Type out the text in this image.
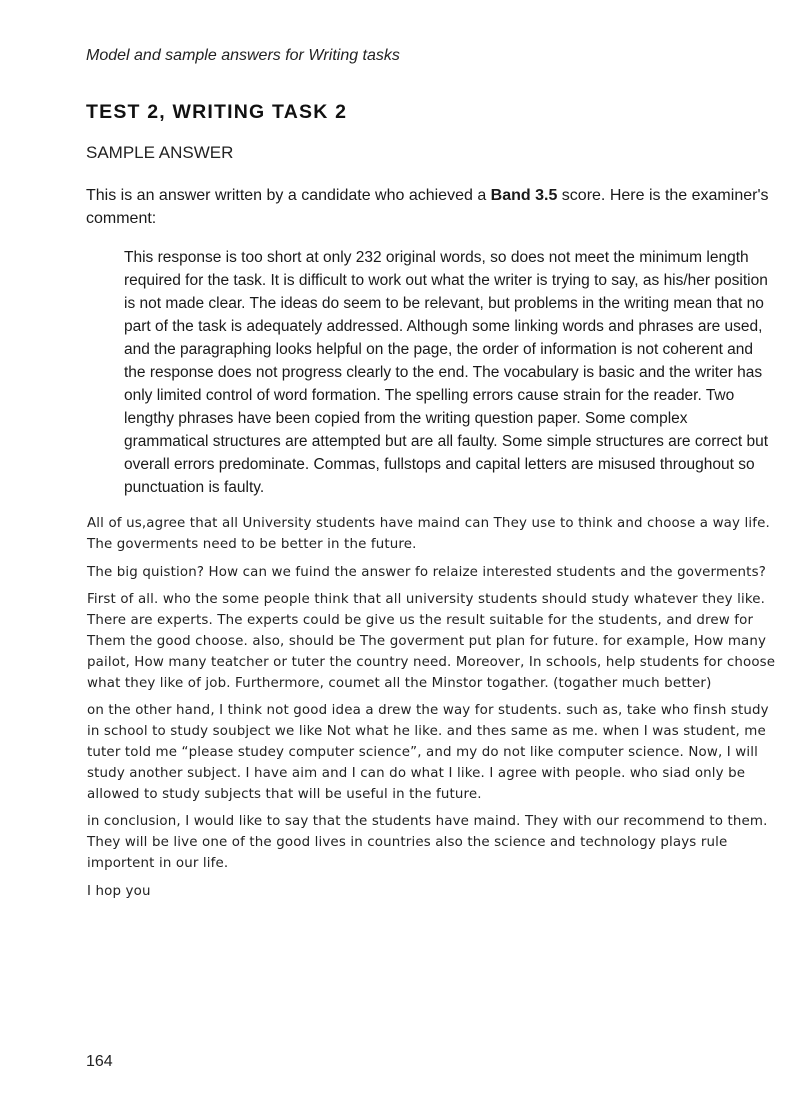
Model and sample answers for Writing tasks
TEST 2, WRITING TASK 2
SAMPLE ANSWER
This is an answer written by a candidate who achieved a Band 3.5 score. Here is the examiner's comment:
This response is too short at only 232 original words, so does not meet the minimum length required for the task. It is difficult to work out what the writer is trying to say, as his/her position is not made clear. The ideas do seem to be relevant, but problems in the writing mean that no part of the task is adequately addressed. Although some linking words and phrases are used, and the paragraphing looks helpful on the page, the order of information is not coherent and the response does not progress clearly to the end. The vocabulary is basic and the writer has only limited control of word formation. The spelling errors cause strain for the reader. Two lengthy phrases have been copied from the writing question paper. Some complex grammatical structures are attempted but are all faulty. Some simple structures are correct but overall errors predominate. Commas, fullstops and capital letters are misused throughout so punctuation is faulty.

All of us,agree that all University students have maind can They use to think and choose a way life. The goverments need to be better in the future.

The big quistion? How can we fuind the answer fo relaize interested students and the goverments?

First of all. who the some people think that all university students should study whatever they like. There are experts. The experts could be give us the result suitable for the students, and drew for Them the good choose. also, should be The goverment put plan for future. for example, How many pailot, How many teatcher or tuter the country need. Moreover, In schools, help students for choose what they like of job. Furthermore, coumet all the Minstor togather. (togather much better)

on the other hand, I think not good idea a drew the way for students. such as, take who finsh study in school to study soubject we like Not what he like. and thes same as me. when I was student, me tuter told me “please studey computer science”, and my do not like computer science. Now, I will study another subject. I have aim and I can do what I like. I agree with people. who siad only be allowed to study subjects that will be useful in the future.

in conclusion, I would like to say that the students have maind. They with our recommend to them. They will be live one of the good lives in countries also the science and technology plays rule importent in our life.

I hop you

164
